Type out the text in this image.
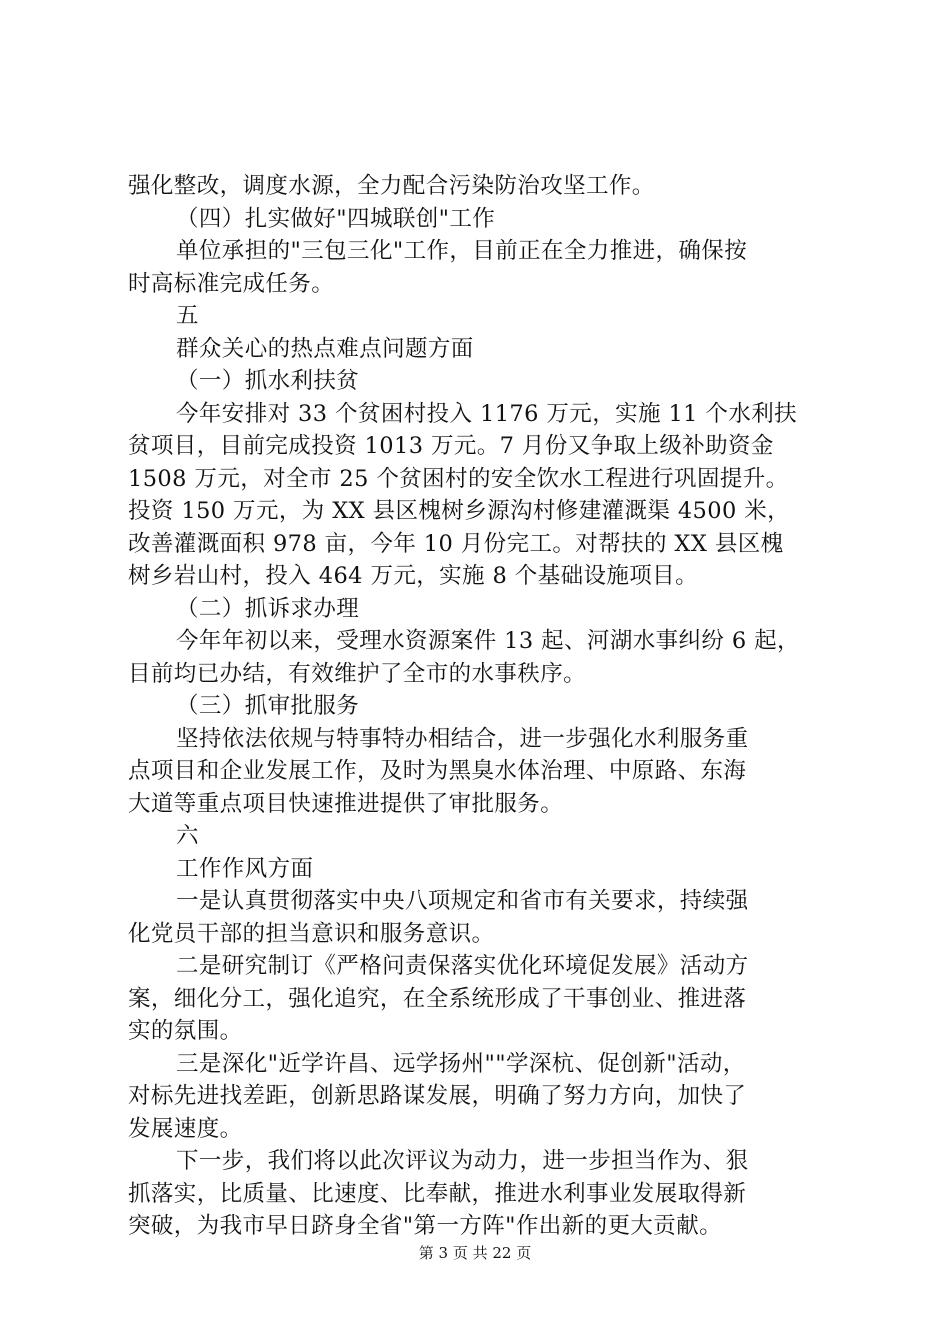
强化整改，调度水源，全力配合污染防治攻坚工作。
（四）扎实做好"四城联创"工作
单位承担的"三包三化"工作，目前正在全力推进，确保按
时高标准完成任务。
五
群众关心的热点难点问题方面
（一）抓水利扶贫
今年安排对 33 个贫困村投入 1176 万元，实施 11 个水利扶
贫项目，目前完成投资 1013 万元。7 月份又争取上级补助资金
1508 万元，对全市 25 个贫困村的安全饮水工程进行巩固提升。
投资 150 万元，为 XX 县区槐树乡源沟村修建灌溉渠 4500 米，
改善灌溉面积 978 亩，今年 10 月份完工。对帮扶的 XX 县区槐
树乡岩山村，投入 464 万元，实施 8 个基础设施项目。
（二）抓诉求办理
今年年初以来，受理水资源案件 13 起、河湖水事纠纷 6 起，
目前均已办结，有效维护了全市的水事秩序。
（三）抓审批服务
坚持依法依规与特事特办相结合，进一步强化水利服务重
点项目和企业发展工作，及时为黑臭水体治理、中原路、东海
大道等重点项目快速推进提供了审批服务。
六
工作作风方面
一是认真贯彻落实中央八项规定和省市有关要求，持续强
化党员干部的担当意识和服务意识。
二是研究制订《严格问责保落实优化环境促发展》活动方
案，细化分工，强化追究，在全系统形成了干事创业、推进落
实的氛围。
三是深化"近学许昌、远学扬州""学深杭、促创新"活动，
对标先进找差距，创新思路谋发展，明确了努力方向，加快了
发展速度。
下一步，我们将以此次评议为动力，进一步担当作为、狠
抓落实，比质量、比速度、比奉献，推进水利事业发展取得新
突破，为我市早日跻身全省"第一方阵"作出新的更大贡献。
第 3 页 共 22 页
